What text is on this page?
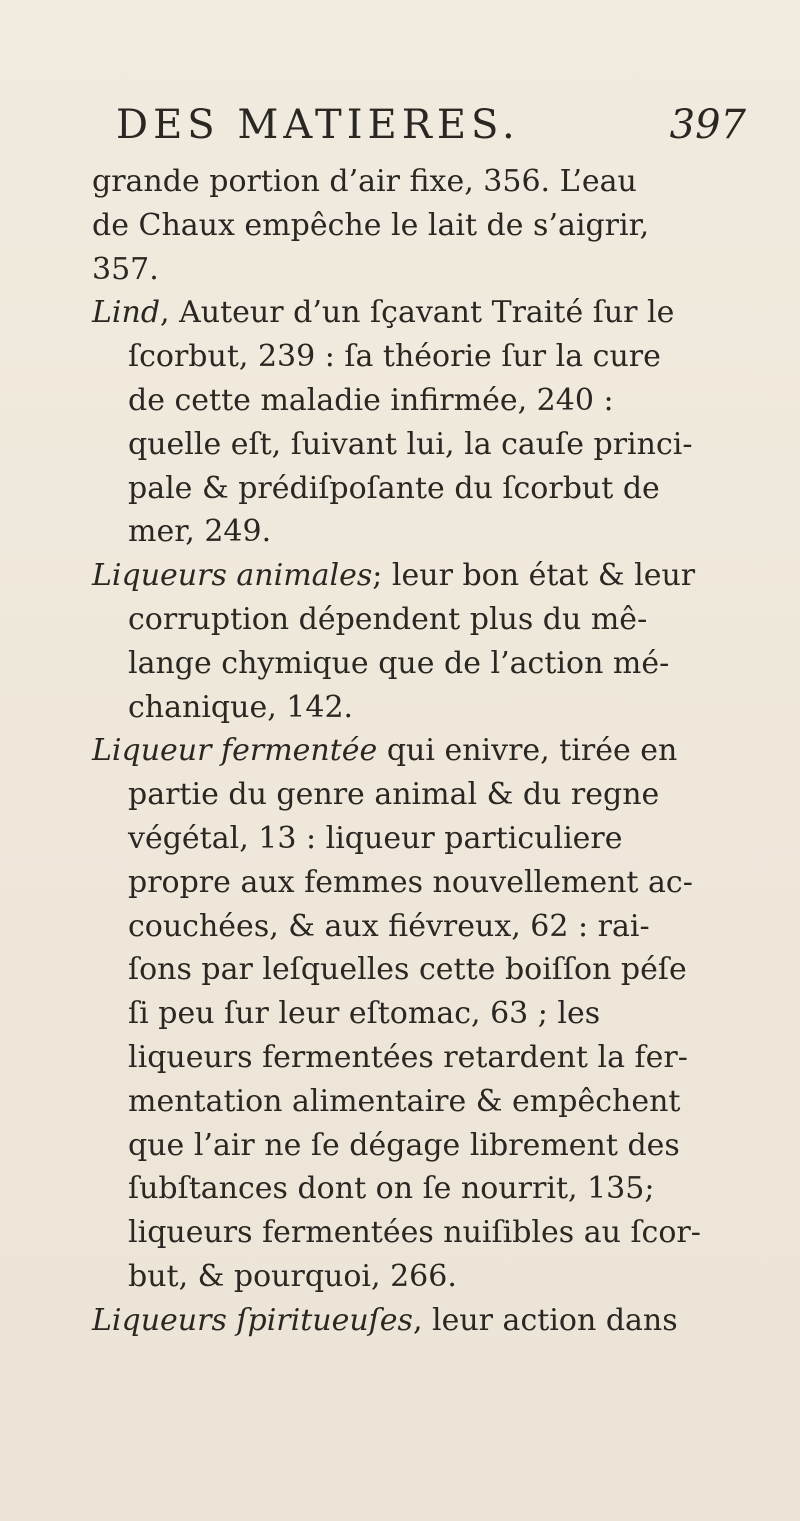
DES MATIERES.	397
grande portion d’air fixe, 356. L’eau
de Chaux empêche le lait de s’aigrir,
357.
Lind, Auteur d’un ſçavant Traité ſur le
ſcorbut, 239 : ſa théorie ſur la cure
de cette maladie infirmée, 240 :
quelle eſt, ſuivant lui, la cauſe princi-
pale & prédiſpoſante du ſcorbut de
mer, 249.
Liqueurs animales; leur bon état & leur
corruption dépendent plus du mê-
lange chymique que de l’action mé-
chanique, 142.
Liqueur fermentée qui enivre, tirée en
partie du genre animal & du regne
végétal, 13 : liqueur particuliere
propre aux femmes nouvellement ac-
couchées, & aux fiévreux, 62 : rai-
ſons par leſquelles cette boiſſon péſe
ſi peu ſur leur eſtomac, 63 ; les
liqueurs fermentées retardent la fer-
mentation alimentaire & empêchent
que l’air ne ſe dégage librement des
ſubſtances dont on ſe nourrit, 135;
liqueurs fermentées nuiſibles au ſcor-
but, & pourquoi, 266.
Liqueurs ſpiritueuſes, leur action dans
